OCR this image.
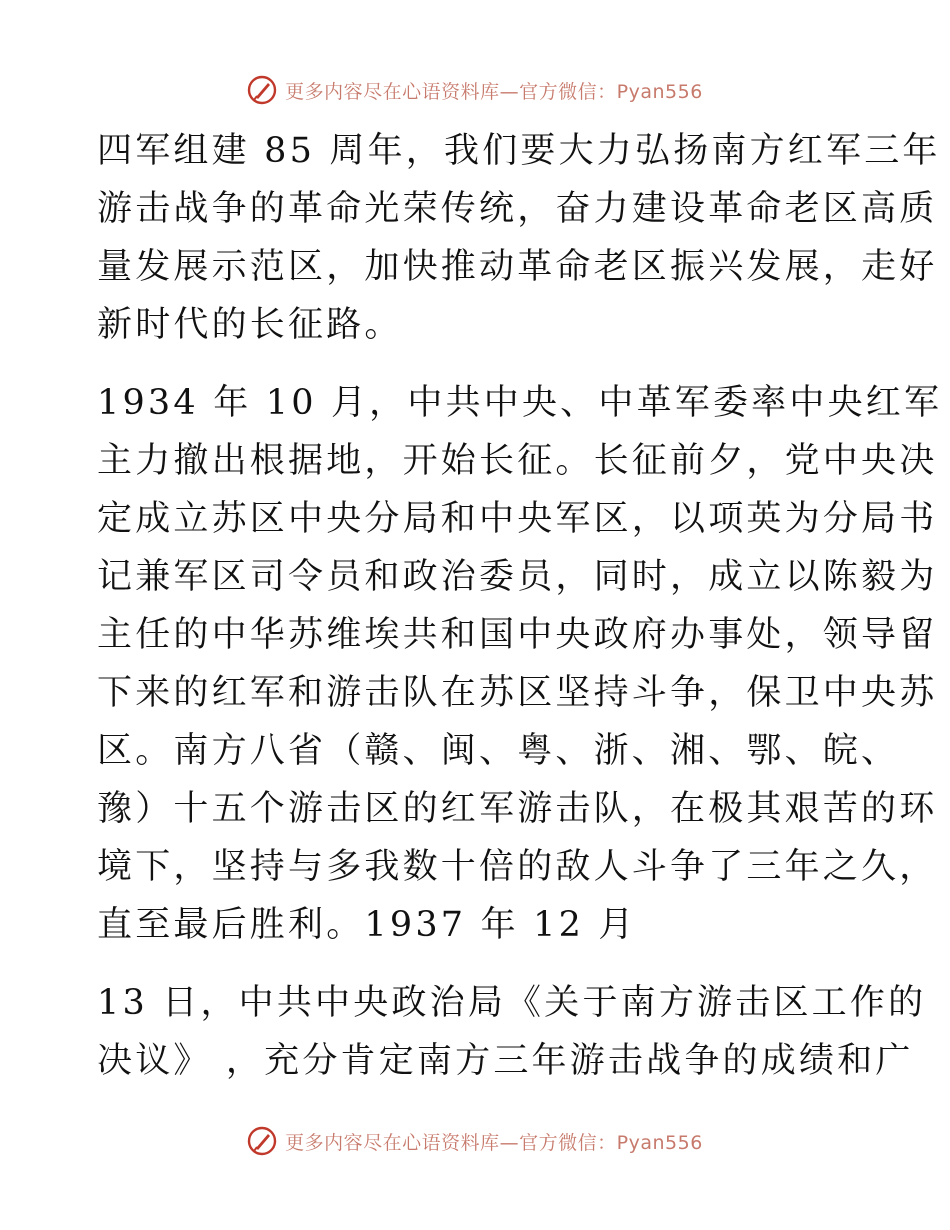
更多内容尽在心语资料库—官方微信：Pyan556
四军组建 85 周年，我们要大力弘扬南方红军三年
游击战争的革命光荣传统，奋力建设革命老区高质
量发展示范区，加快推动革命老区振兴发展，走好
新时代的长征路。
1934 年 10 月，中共中央、中革军委率中央红军
主力撤出根据地，开始长征。长征前夕，党中央决
定成立苏区中央分局和中央军区，以项英为分局书
记兼军区司令员和政治委员，同时，成立以陈毅为
主任的中华苏维埃共和国中央政府办事处，领导留
下来的红军和游击队在苏区坚持斗争，保卫中央苏
区。南方八省（赣、闽、粤、浙、湘、鄂、皖、
豫）十五个游击区的红军游击队，在极其艰苦的环
境下，坚持与多我数十倍的敌人斗争了三年之久，
直至最后胜利。1937 年 12 月
13 日，中共中央政治局《关于南方游击区工作的
决议》 ，充分肯定南方三年游击战争的成绩和广
更多内容尽在心语资料库—官方微信：Pyan556
